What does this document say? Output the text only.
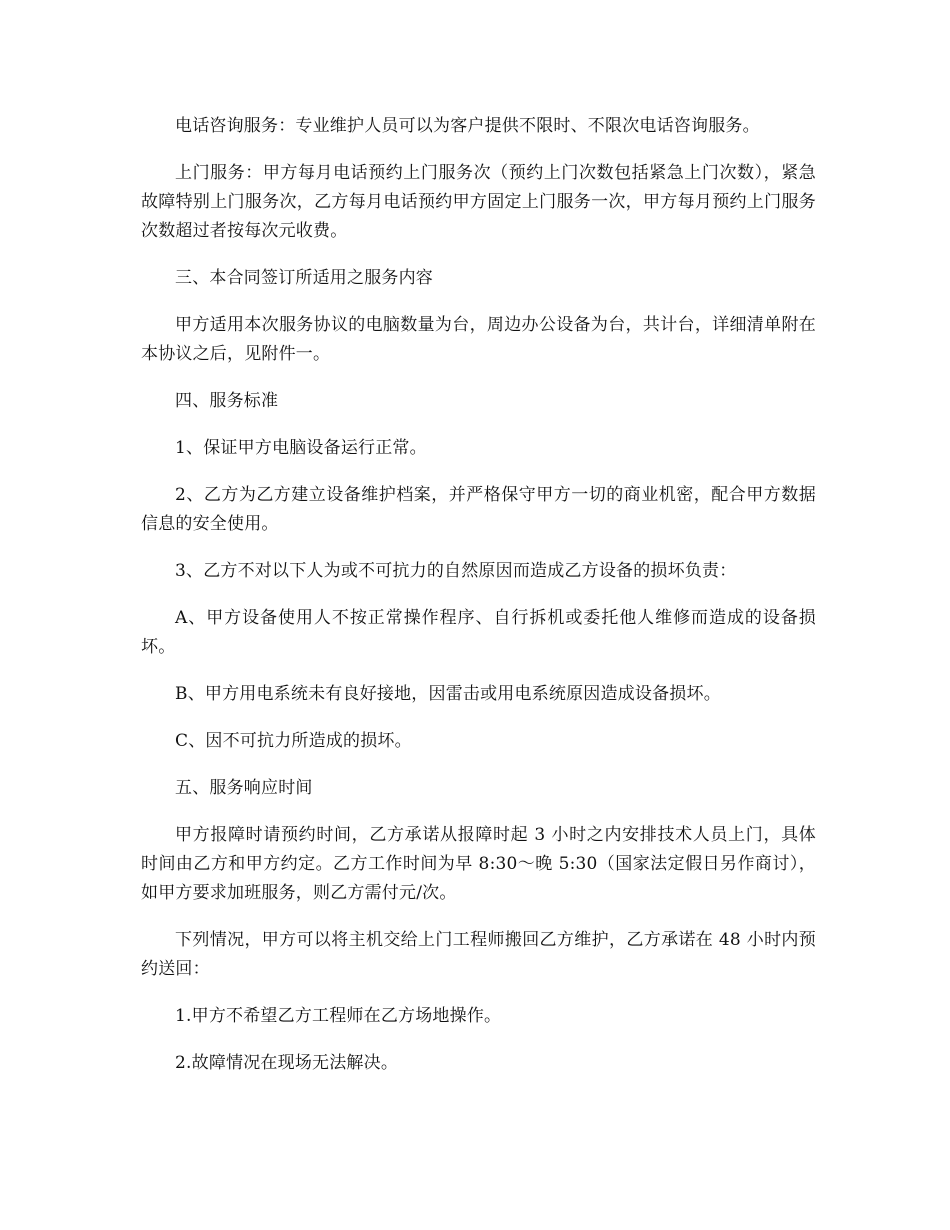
电话咨询服务：专业维护人员可以为客户提供不限时、不限次电话咨询服务。

上门服务：甲方每月电话预约上门服务次（预约上门次数包括紧急上门次数），紧急故障特别上门服务次，乙方每月电话预约甲方固定上门服务一次，甲方每月预约上门服务次数超过者按每次元收费。

三、本合同签订所适用之服务内容

甲方适用本次服务协议的电脑数量为台，周边办公设备为台，共计台，详细清单附在本协议之后，见附件一。

四、服务标准

1、保证甲方电脑设备运行正常。

2、乙方为乙方建立设备维护档案，并严格保守甲方一切的商业机密，配合甲方数据信息的安全使用。

3、乙方不对以下人为或不可抗力的自然原因而造成乙方设备的损坏负责：

A、甲方设备使用人不按正常操作程序、自行拆机或委托他人维修而造成的设备损坏。

B、甲方用电系统未有良好接地，因雷击或用电系统原因造成设备损坏。

C、因不可抗力所造成的损坏。

五、服务响应时间

甲方报障时请预约时间，乙方承诺从报障时起 3 小时之内安排技术人员上门，具体时间由乙方和甲方约定。乙方工作时间为早 8:30～晚 5:30（国家法定假日另作商讨），如甲方要求加班服务，则乙方需付元/次。

下列情况，甲方可以将主机交给上门工程师搬回乙方维护，乙方承诺在 48 小时内预约送回：

1.甲方不希望乙方工程师在乙方场地操作。

2.故障情况在现场无法解决。
